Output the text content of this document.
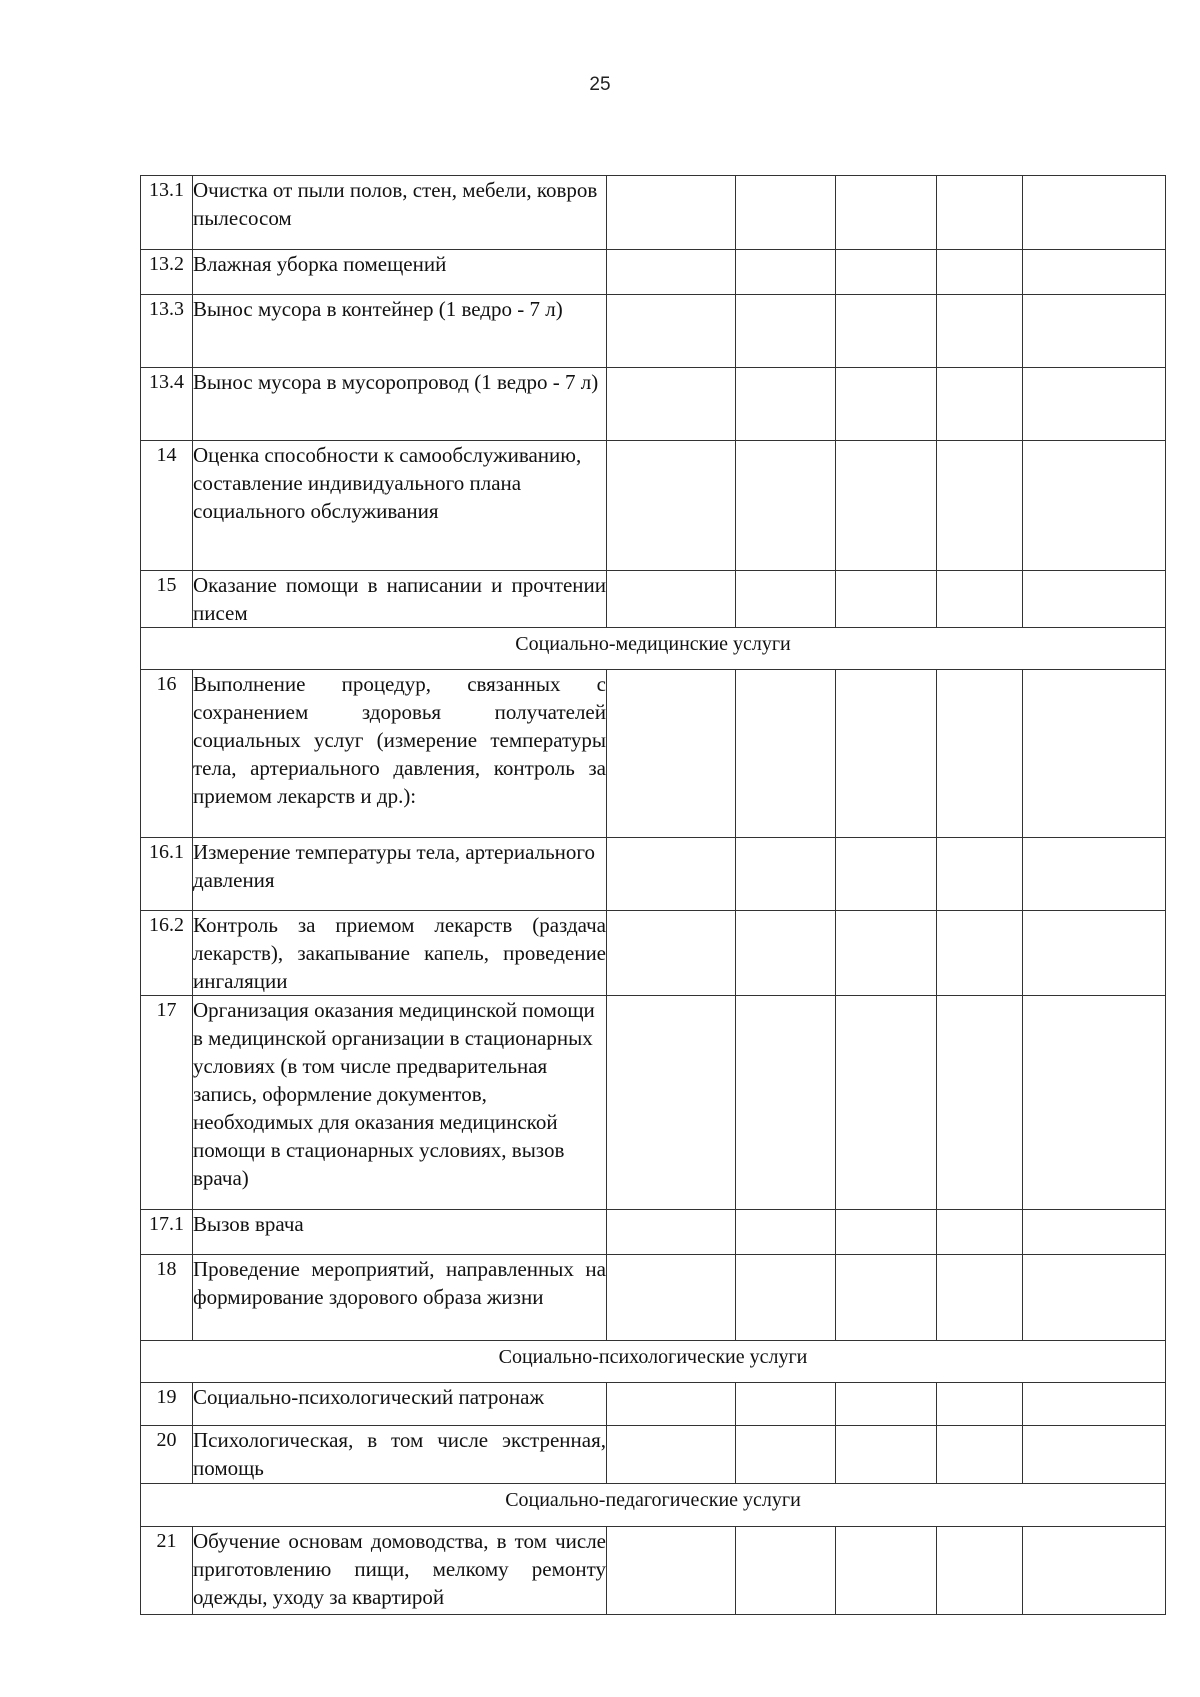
25
13.1	Очистка от пыли полов, стен, мебели, ковров пылесосом					
13.2	Влажная уборка помещений					
13.3	Вынос мусора в контейнер (1 ведро - 7 л)					
13.4	Вынос мусора в мусоропровод (1 ведро - 7 л)					
14	Оценка способности к самообслуживанию, составление индивидуального плана социального обслуживания					
15	Оказание помощи в написании и прочтении писем					
Социально-медицинские услуги						
16	Выполнение процедур, связанных с сохранением здоровья получателей социальных услуг (измерение температуры тела, артериального давления, контроль за приемом лекарств и др.):					
16.1	Измерение температуры тела, артериального давления					
16.2	Контроль за приемом лекарств (раздача лекарств), закапывание капель, проведение ингаляции					
17	Организация оказания медицинской помощи в медицинской организации в стационарных условиях (в том числе предварительная запись, оформление документов, необходимых для оказания медицинской помощи в стационарных условиях, вызов врача)					
17.1	Вызов врача					
18	Проведение мероприятий, направленных на формирование здорового образа жизни					
Социально-психологические услуги						
19	Социально-психологический патронаж					
20	Психологическая, в том числе экстренная, помощь					
Социально-педагогические услуги						
21	Обучение основам домоводства, в том числе приготовлению пищи, мелкому ремонту одежды, уходу за квартирой					
